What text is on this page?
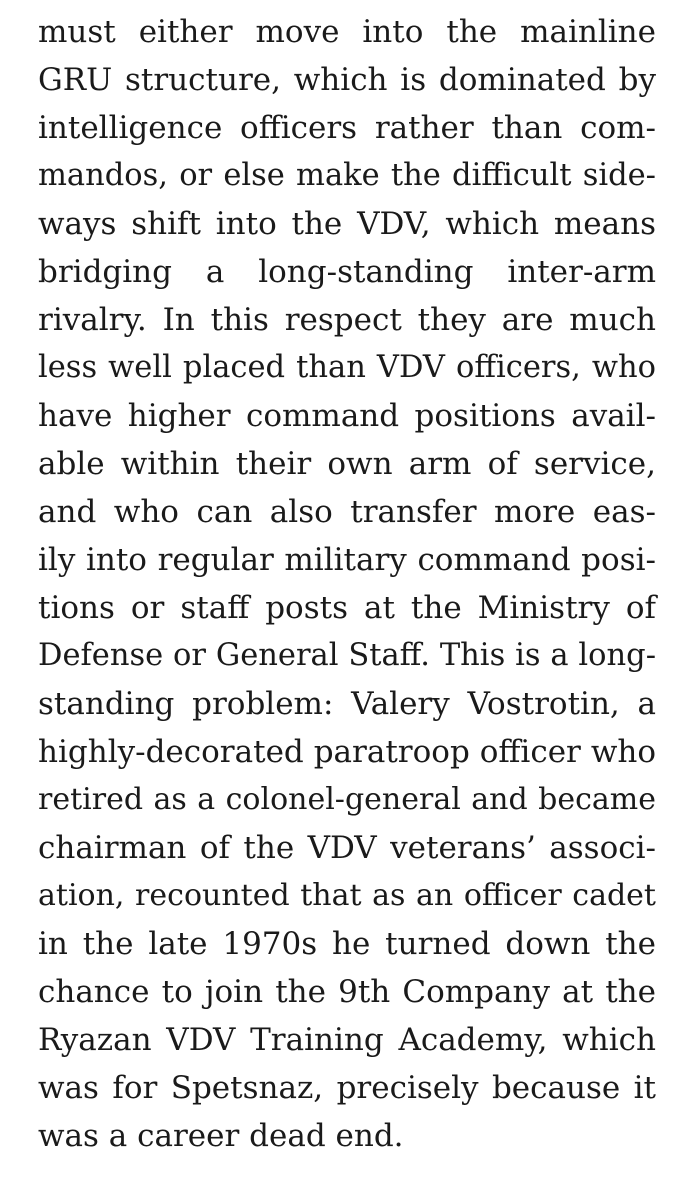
must either move into the mainline
GRU structure, which is dominated by
intelligence officers rather than com-
mandos, or else make the difficult side-
ways shift into the VDV, which means
bridging a long-standing inter-arm
rivalry. In this respect they are much
less well placed than VDV officers, who
have higher command positions avail-
able within their own arm of service,
and who can also transfer more eas-
ily into regular military command posi-
tions or staff posts at the Ministry of
Defense or General Staff. This is a long-
standing problem: Valery Vostrotin, a
highly-decorated paratroop officer who
retired as a colonel-general and became
chairman of the VDV veterans’ associ-
ation, recounted that as an officer cadet
in the late 1970s he turned down the
chance to join the 9th Company at the
Ryazan VDV Training Academy, which
was for Spetsnaz, precisely because it
was a career dead end.
